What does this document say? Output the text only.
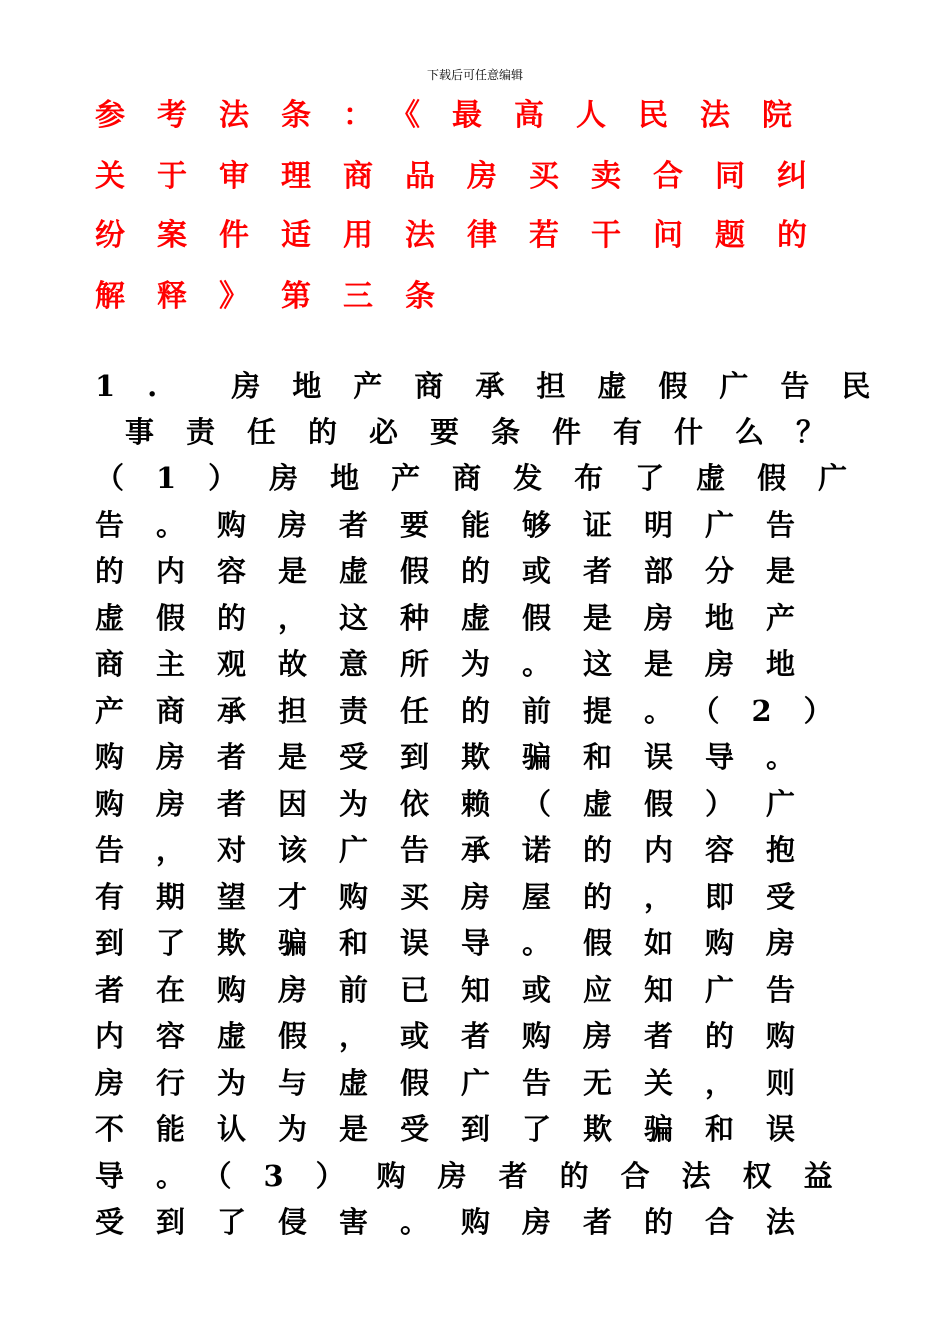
下载后可任意编辑

参考法条：《最高人民法院

关于审理商品房买卖合同纠

纷案件适用法律若干问题的

解释》第三条

1. 房地产商承担虚假广告民

事责任的必要条件有什么？

（1）房地产商发布了虚假广

告。购房者要能够证明广告

的内容是虚假的或者部分是

虚假的，这种虚假是房地产

商主观故意所为。这是房地

产商承担责任的前提。（2）

购房者是受到欺骗和误导。

购房者因为依赖（虚假）广

告，对该广告承诺的内容抱

有期望才购买房屋的，即受

到了欺骗和误导。假如购房

者在购房前已知或应知广告

内容虚假，或者购房者的购

房行为与虚假广告无关，则

不能认为是受到了欺骗和误

导。（3）购房者的合法权益

受到了侵害。购房者的合法
